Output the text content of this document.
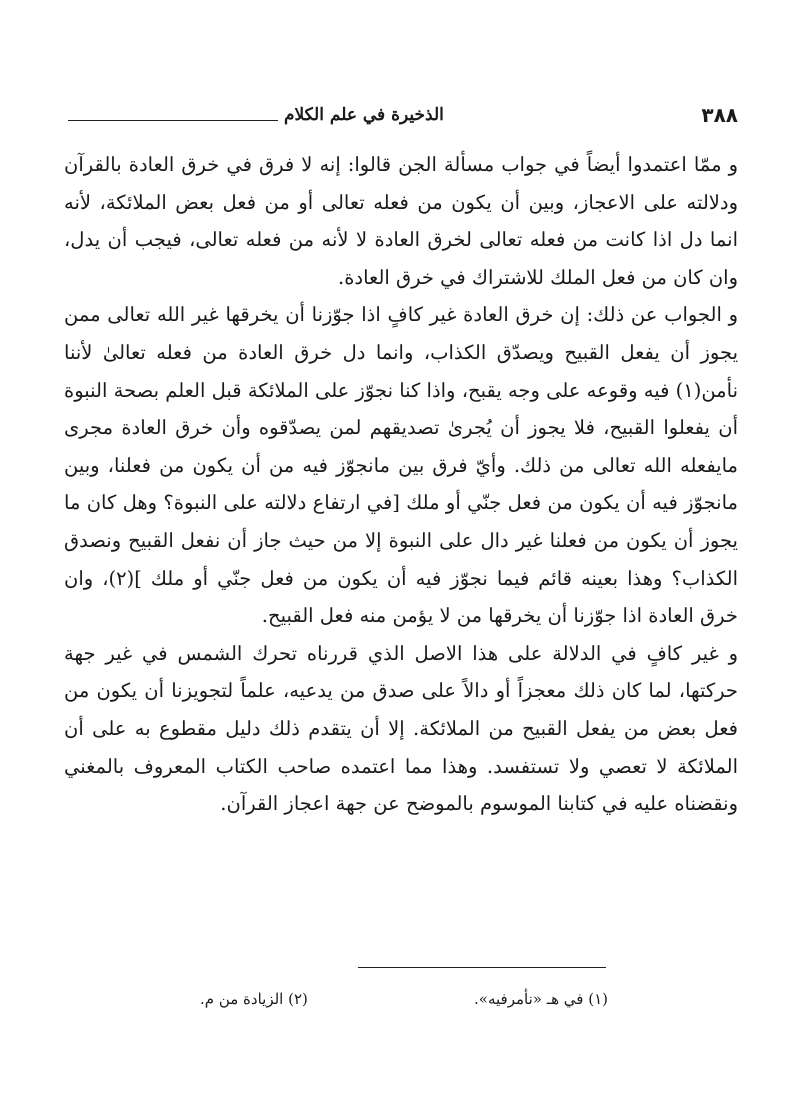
٣٨٨
الذخيرة في علم الكلام

و ممّا اعتمدوا أيضاً في جواب مسألة الجن قالوا: إنه لا فرق في خرق العادة بالقرآن ودلالته على الاعجاز، وبين أن يكون من فعله تعالى أو من فعل بعض الملائكة، لأنه انما دل اذا كانت من فعله تعالى لخرق العادة لا لأنه من فعله تعالى، فيجب أن يدل، وان كان من فعل الملك للاشتراك في خرق العادة.

و الجواب عن ذلك: إن خرق العادة غير كافٍ اذا جوّزنا أن يخرقها غير الله تعالى ممن يجوز أن يفعل القبيح ويصدّق الكذاب، وانما دل خرق العادة من فعله تعالىٰ لأننا نأمن(١) فيه وقوعه على وجه يقبح، واذا كنا نجوّز على الملائكة قبل العلم بصحة النبوة أن يفعلوا القبيح، فلا يجوز أن يُجرىٰ تصديقهم لمن يصدّقوه وأن خرق العادة مجرى مايفعله الله تعالى من ذلك. وأيّ فرق بين مانجوّز فيه من أن يكون من فعلنا، وبين مانجوّز فيه أن يكون من فعل جنّي أو ملك [في ارتفاع دلالته على النبوة؟ وهل كان ما يجوز أن يكون من فعلنا غير دال على النبوة إلا من حيث جاز أن نفعل القبيح ونصدق الكذاب؟ وهذا بعينه قائم فيما نجوّز فيه أن يكون من فعل جنّي أو ملك ](٢)، وان خرق العادة اذا جوّزنا أن يخرقها من لا يؤمن منه فعل القبيح.

و غير كافٍ في الدلالة على هذا الاصل الذي قررناه تحرك الشمس في غير جهة حركتها، لما كان ذلك معجزاً أو دالاً على صدق من يدعيه، علماً لتجويزنا أن يكون من فعل بعض من يفعل القبيح من الملائكة. إلا أن يتقدم ذلك دليل مقطوع به على أن الملائكة لا تعصي ولا تستفسد. وهذا مما اعتمده صاحب الكتاب المعروف بالمغني ونقضناه عليه في كتابنا الموسوم بالموضح عن جهة اعجاز القرآن.

(١) في هـ «نأمرفيه».
(٢) الزيادة من م.
